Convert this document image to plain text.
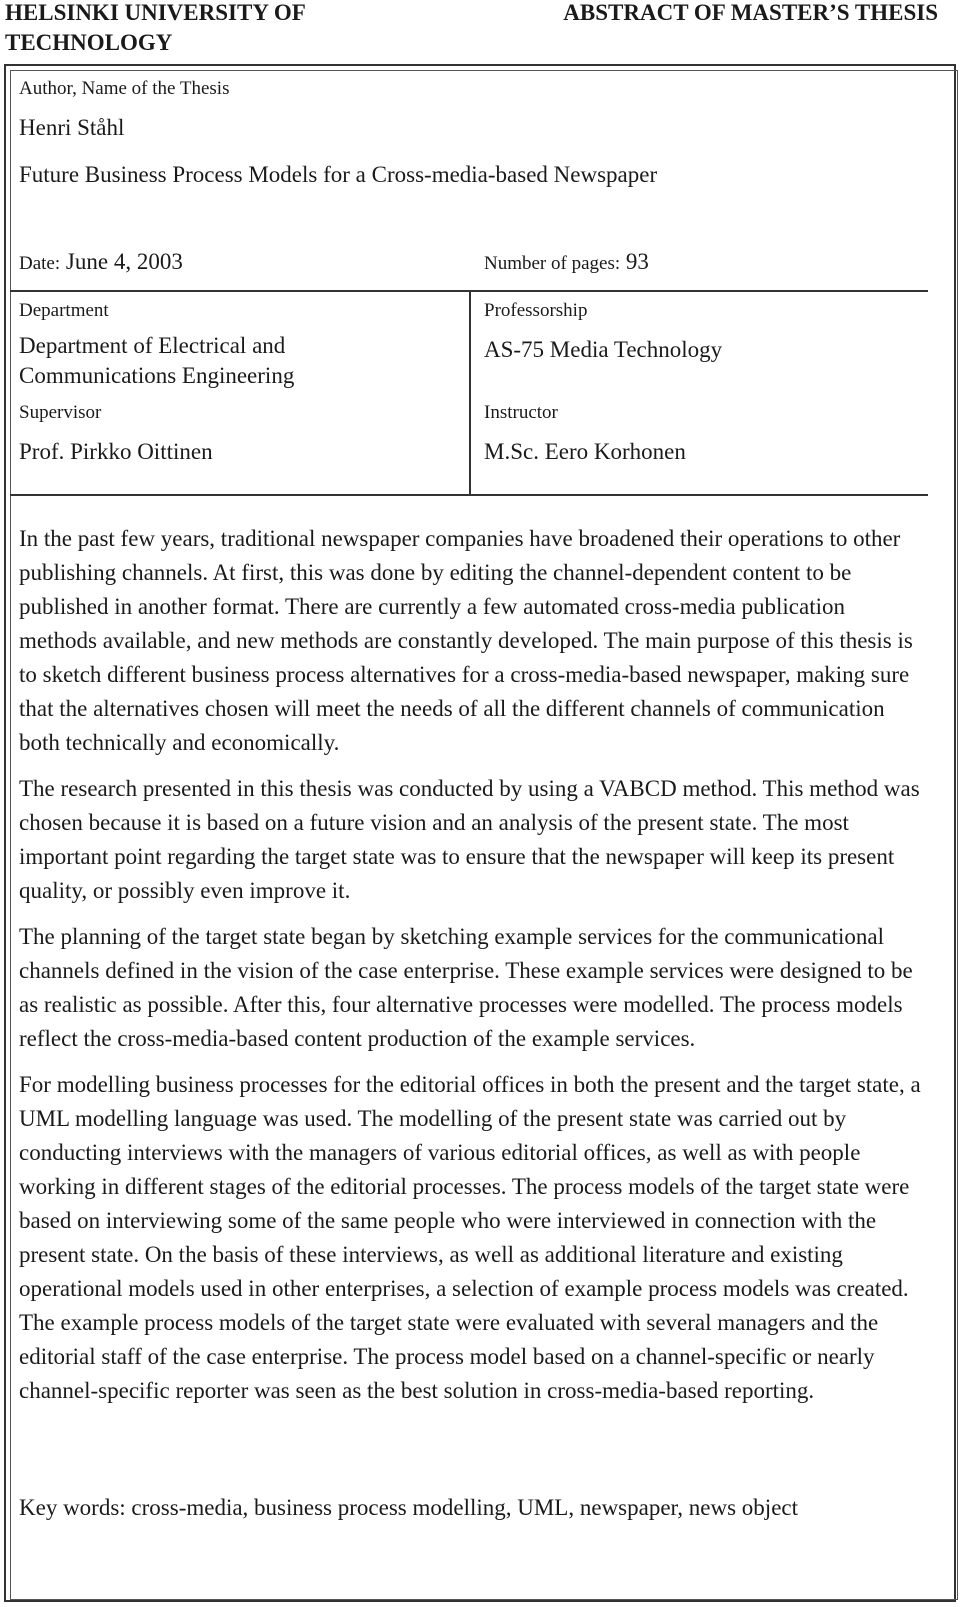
HELSINKI UNIVERSITY OF TECHNOLOGY
ABSTRACT OF MASTER’S THESIS
Author, Name of the Thesis
Henri Ståhl
Future Business Process Models for a Cross-media-based Newspaper
Date: June 4, 2003	Number of pages: 93
Department
Department of Electrical and Communications Engineering
Professorship
AS-75 Media Technology
Supervisor
Prof. Pirkko Oittinen
Instructor
M.Sc. Eero Korhonen

In the past few years, traditional newspaper companies have broadened their operations to other publishing channels. At first, this was done by editing the channel-dependent content to be published in another format. There are currently a few automated cross-media publication methods available, and new methods are constantly developed. The main purpose of this thesis is to sketch different business process alternatives for a cross-media-based newspaper, making sure that the alternatives chosen will meet the needs of all the different channels of communication both technically and economically.

The research presented in this thesis was conducted by using a VABCD method. This method was chosen because it is based on a future vision and an analysis of the present state. The most important point regarding the target state was to ensure that the newspaper will keep its present quality, or possibly even improve it.

The planning of the target state began by sketching example services for the communicational channels defined in the vision of the case enterprise. These example services were designed to be as realistic as possible. After this, four alternative processes were modelled. The process models reflect the cross-media-based content production of the example services.

For modelling business processes for the editorial offices in both the present and the target state, a UML modelling language was used. The modelling of the present state was carried out by conducting interviews with the managers of various editorial offices, as well as with people working in different stages of the editorial processes. The process models of the target state were based on interviewing some of the same people who were interviewed in connection with the present state. On the basis of these interviews, as well as additional literature and existing operational models used in other enterprises, a selection of example process models was created. The example process models of the target state were evaluated with several managers and the editorial staff of the case enterprise. The process model based on a channel-specific or nearly channel-specific reporter was seen as the best solution in cross-media-based reporting.

Key words: cross-media, business process modelling, UML, newspaper, news object
